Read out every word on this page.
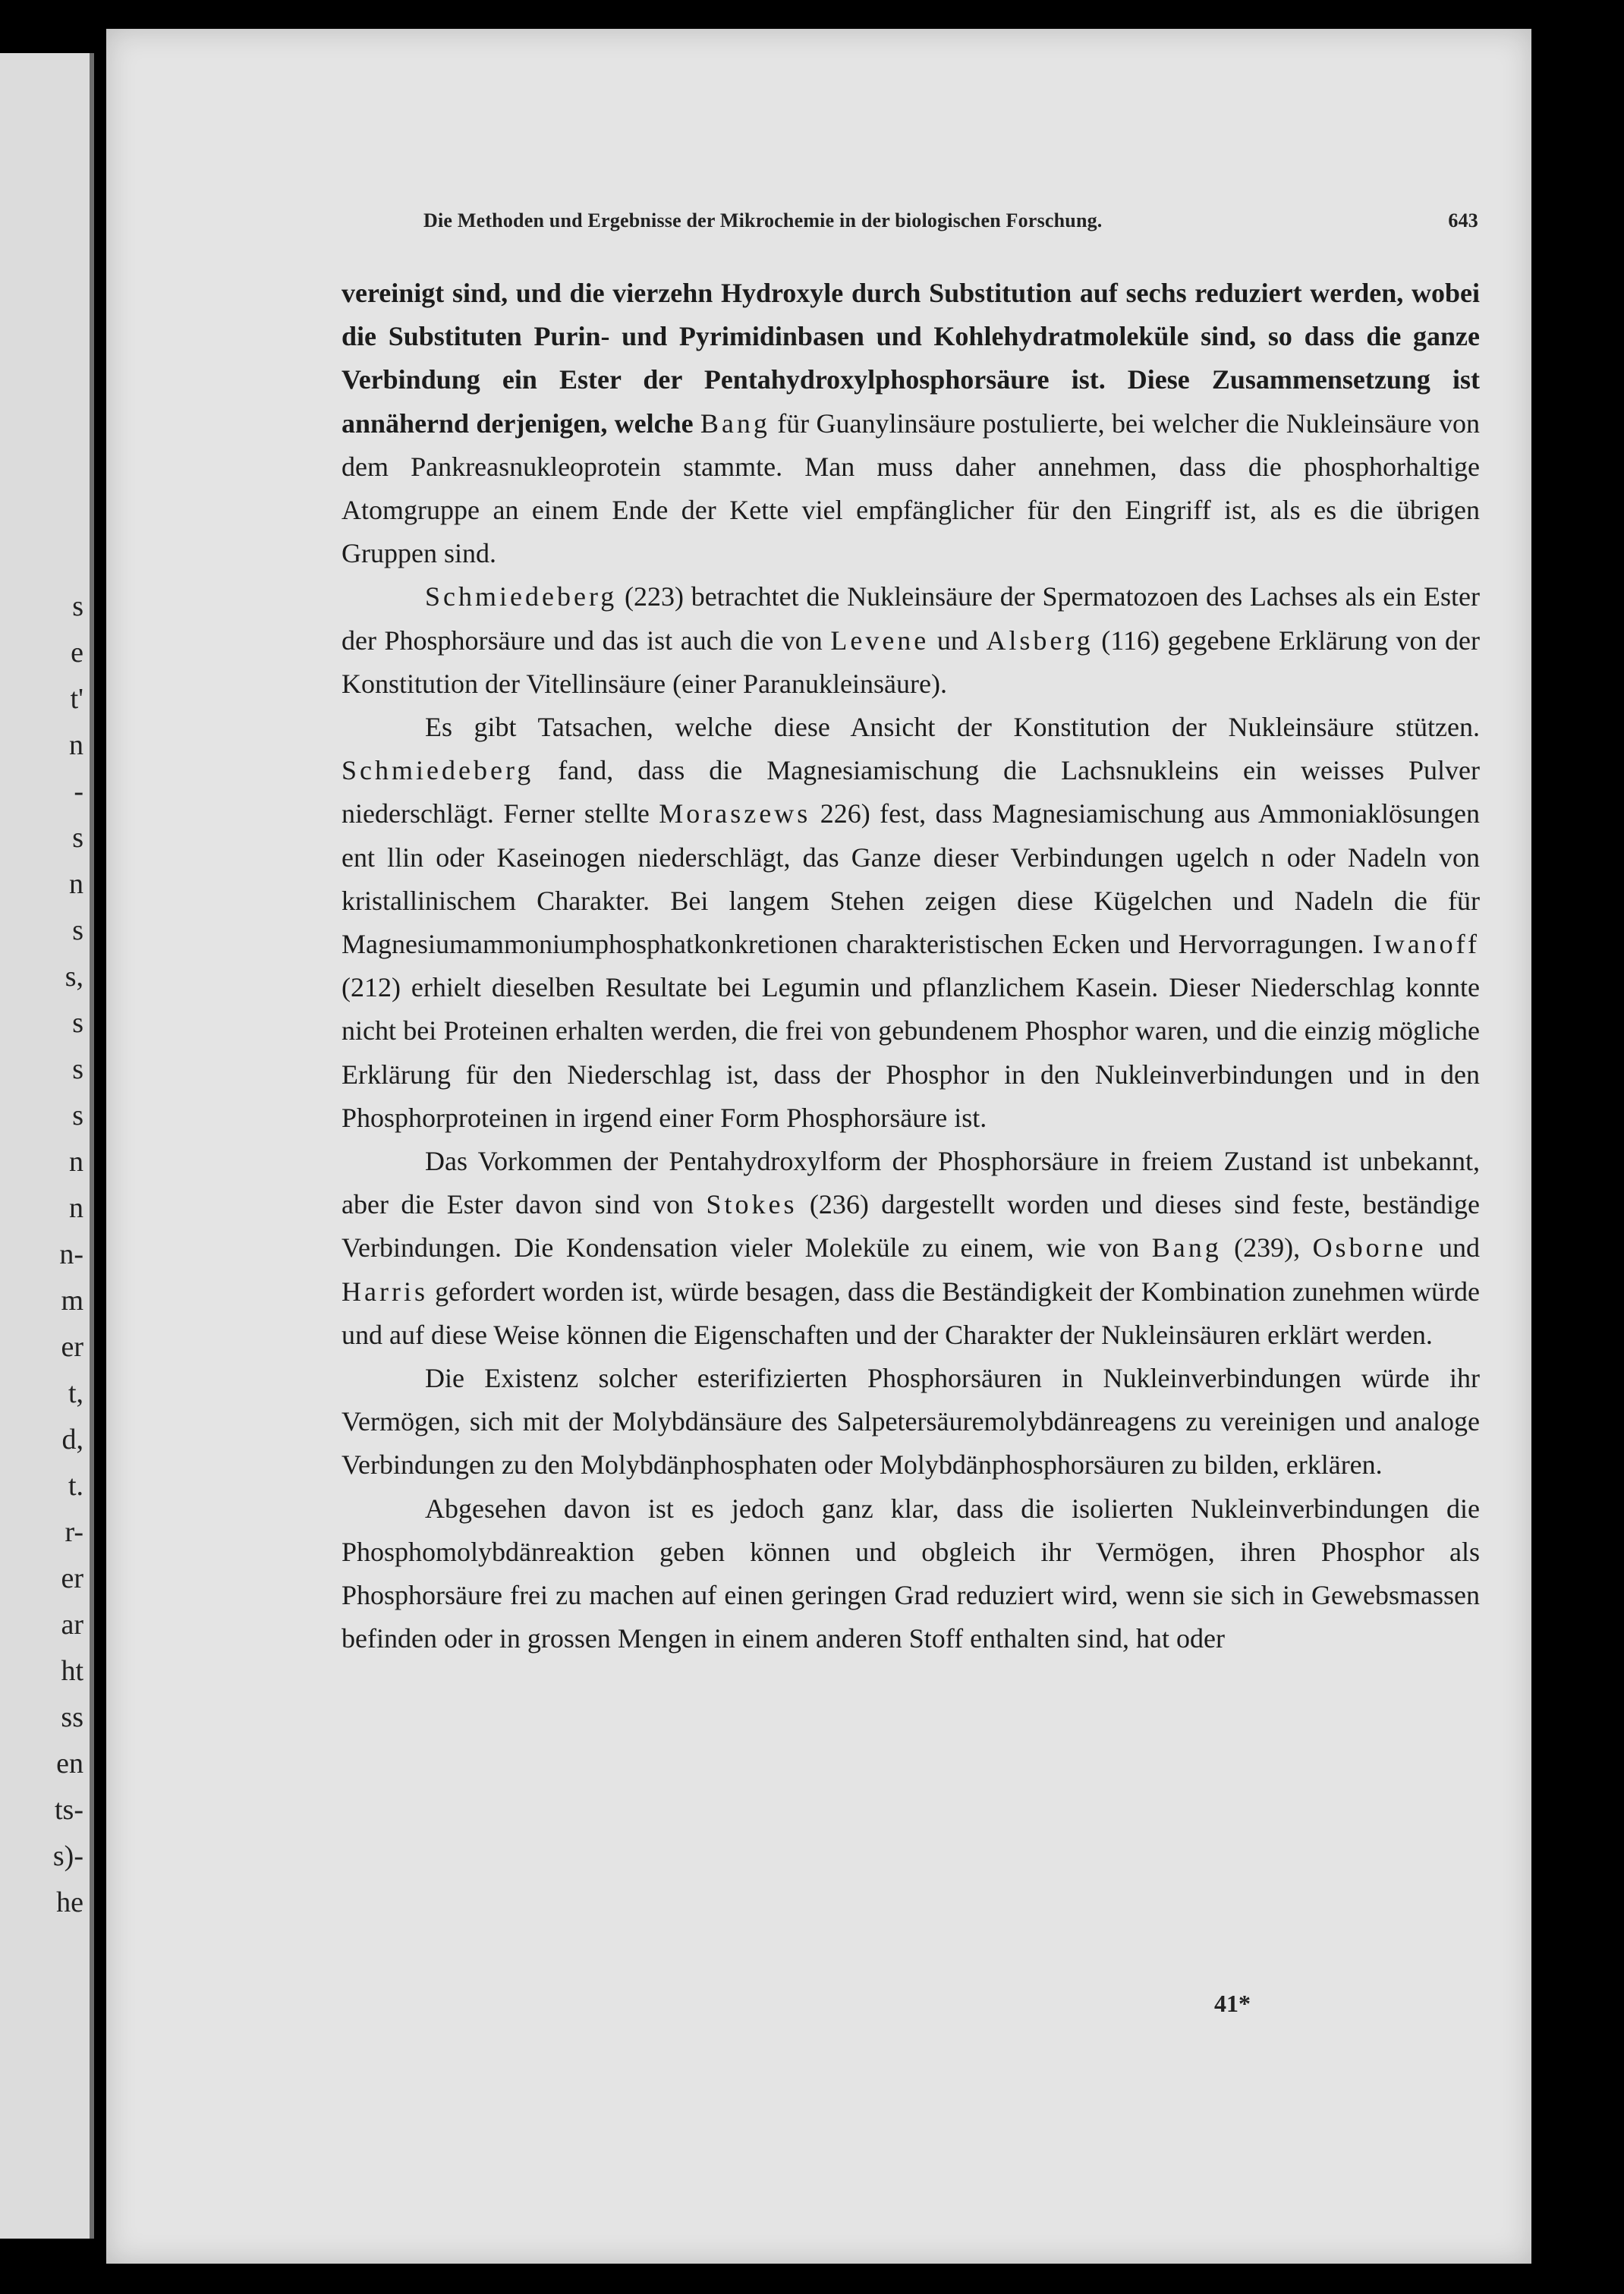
s
e
t'
n
-
s
n
s
s,
s
s
s
n
n
n-
m
er
t,
d,
t.
r-
er
ar
ht
ss
en
ts-
s)-
he
Die Methoden und Ergebnisse der Mikrochemie in der biologischen Forschung.	643

vereinigt sind, und die vierzehn Hydroxyle durch Substitution auf sechs reduziert werden, wobei die Substituten Purin- und Pyrimidinbasen und Kohlehydratmoleküle sind, so dass die ganze Verbindung ein Ester der Pentahydroxylphosphorsäure ist. Diese Zusammensetzung ist annähernd derjenigen, welche Bang für Guanylinsäure postulierte, bei welcher die Nukleinsäure von dem Pankreasnukleoprotein stammte. Man muss daher annehmen, dass die phosphorhaltige Atomgruppe an einem Ende der Kette viel empfänglicher für den Eingriff ist, als es die übrigen Gruppen sind.

Schmiedeberg (223) betrachtet die Nukleinsäure der Spermatozoen des Lachses als ein Ester der Phosphorsäure und das ist auch die von Levene und Alsberg (116) gegebene Erklärung von der Konstitution der Vitellinsäure (einer Paranukleinsäure).

Es gibt Tatsachen, welche diese Ansicht der Konstitution der Nukleinsäure stützen. Schmiedeberg fand, dass die Magnesiamischung die Lachsnukleins ein weisses Pulver niederschlägt. Ferner stellte Moraszews 226) fest, dass Magnesiamischung aus Ammoniaklösungen ent llin oder Kaseinogen niederschlägt, das Ganze dieser Verbindungen ugelch n oder Nadeln von kristallinischem Charakter. Bei langem Stehen zeigen diese Kügelchen und Nadeln die für Magnesiumammoniumphosphatkonkretionen charakteristischen Ecken und Hervorragungen. Iwanoff (212) erhielt dieselben Resultate bei Legumin und pflanzlichem Kasein. Dieser Niederschlag konnte nicht bei Proteinen erhalten werden, die frei von gebundenem Phosphor waren, und die einzig mögliche Erklärung für den Niederschlag ist, dass der Phosphor in den Nukleinverbindungen und in den Phosphorproteinen in irgend einer Form Phosphorsäure ist.

Das Vorkommen der Pentahydroxylform der Phosphorsäure in freiem Zustand ist unbekannt, aber die Ester davon sind von Stokes (236) dargestellt worden und dieses sind feste, beständige Verbindungen. Die Kondensation vieler Moleküle zu einem, wie von Bang (239), Osborne und Harris gefordert worden ist, würde besagen, dass die Beständigkeit der Kombination zunehmen würde und auf diese Weise können die Eigenschaften und der Charakter der Nukleinsäuren erklärt werden.

Die Existenz solcher esterifizierten Phosphorsäuren in Nukleinverbindungen würde ihr Vermögen, sich mit der Molybdänsäure des Salpetersäuremolybdänreagens zu vereinigen und analoge Verbindungen zu den Molybdänphosphaten oder Molybdänphosphorsäuren zu bilden, erklären.

Abgesehen davon ist es jedoch ganz klar, dass die isolierten Nukleinverbindungen die Phosphomolybdänreaktion geben können und obgleich ihr Vermögen, ihren Phosphor als Phosphorsäure frei zu machen auf einen geringen Grad reduziert wird, wenn sie sich in Gewebsmassen befinden oder in grossen Mengen in einem anderen Stoff enthalten sind, hat oder

41*
